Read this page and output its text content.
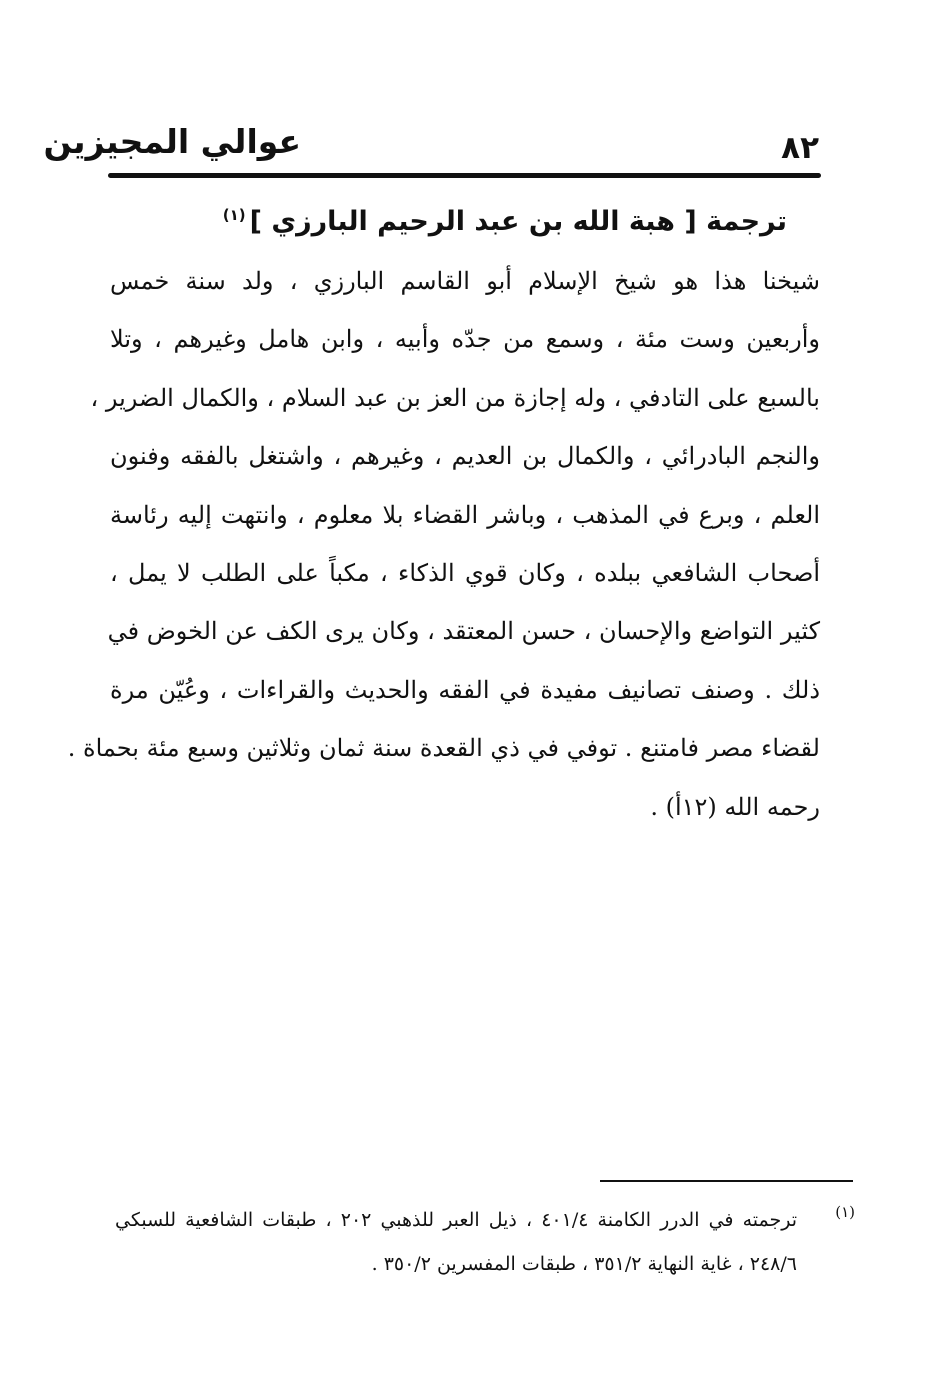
٨٢
عوالي المجيزين
ترجمة [ هبة الله بن عبد الرحيم البارزي ]$^{(١)}$
شيخنا هذا هو شيخ الإسلام أبو القاسم البارزي ، ولد سنة خمس
وأربعين وست مئة ، وسمع من جدّه وأبيه ، وابن هامل وغيرهم ، وتلا
بالسبع على التادفي ، وله إجازة من العز بن عبد السلام ، والكمال الضرير ،
والنجم البادرائي ، والكمال بن العديم ، وغيرهم ، واشتغل بالفقه وفنون
العلم ، وبرع في المذهب ، وباشر القضاء بلا معلوم ، وانتهت إليه رئاسة
أصحاب الشافعي ببلده ، وكان قوي الذكاء ، مكباً على الطلب لا يمل ،
كثير التواضع والإحسان ، حسن المعتقد ، وكان يرى الكف عن الخوض في
ذلك . وصنف تصانيف مفيدة في الفقه والحديث والقراءات ، وعُيّن مرة
لقضاء مصر فامتنع . توفي في ذي القعدة سنة ثمان وثلاثين وسبع مئة بحماة .
رحمه الله (١٢أ) .
(١)
ترجمته في الدرر الكامنة ٤٠١/٤ ، ذيل العبر للذهبي ٢٠٢ ، طبقات الشافعية للسبكي
٢٤٨/٦ ، غاية النهاية ٣٥١/٢ ، طبقات المفسرين ٣٥٠/٢ .
